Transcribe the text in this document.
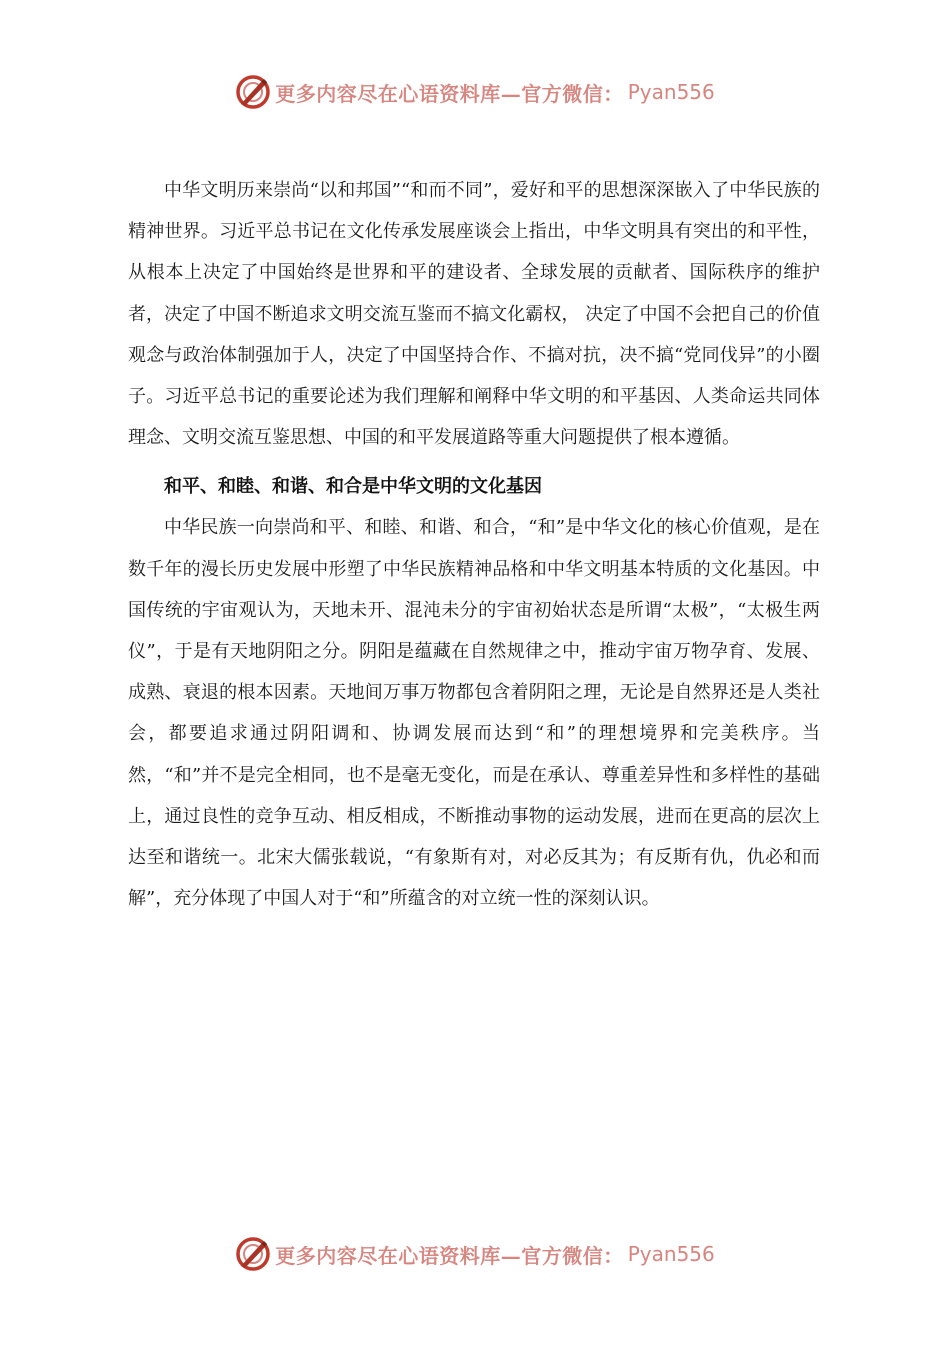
更多内容尽在心语资料库—官方微信： Pyan556

中华文明历来崇尚“以和邦国”“和而不同”，爱好和平的思想深深嵌入了中华民族的精神世界。习近平总书记在文化传承发展座谈会上指出，中华文明具有突出的和平性，从根本上决定了中国始终是世界和平的建设者、全球发展的贡献者、国际秩序的维护者，决定了中国不断追求文明交流互鉴而不搞文化霸权， 决定了中国不会把自己的价值观念与政治体制强加于人，决定了中国坚持合作、不搞对抗，决不搞“党同伐异”的小圈子。习近平总书记的重要论述为我们理解和阐释中华文明的和平基因、人类命运共同体理念、文明交流互鉴思想、中国的和平发展道路等重大问题提供了根本遵循。

和平、和睦、和谐、和合是中华文明的文化基因

中华民族一向崇尚和平、和睦、和谐、和合，“和”是中华文化的核心价值观，是在数千年的漫长历史发展中形塑了中华民族精神品格和中华文明基本特质的文化基因。中国传统的宇宙观认为，天地未开、混沌未分的宇宙初始状态是所谓“太极”，“太极生两仪”，于是有天地阴阳之分。阴阳是蕴藏在自然规律之中，推动宇宙万物孕育、发展、成熟、衰退的根本因素。天地间万事万物都包含着阴阳之理，无论是自然界还是人类社会，都要追求通过阴阳调和、协调发展而达到“和”的理想境界和完美秩序。当然，“和”并不是完全相同，也不是毫无变化，而是在承认、尊重差异性和多样性的基础上，通过良性的竞争互动、相反相成，不断推动事物的运动发展，进而在更高的层次上达至和谐统一。北宋大儒张载说，“有象斯有对，对必反其为；有反斯有仇，仇必和而解”，充分体现了中国人对于“和”所蕴含的对立统一性的深刻认识。

更多内容尽在心语资料库—官方微信： Pyan556
